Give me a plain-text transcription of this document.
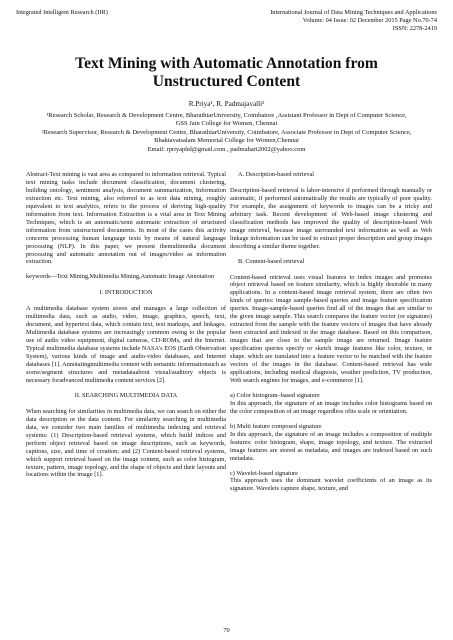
Integrated Intelligent Research (IIR)	International Journal of Data Mining Techniques and Applications
Volume: 04 Issue: 02 December 2015 Page No.70-74
ISSN: 2278-2419
Text Mining with Automatic Annotation from
Unstructured Content
R.Priya¹, R. Padmajavalli²
¹Research Scholar, Research & Development Centre, BharathiarUniversity, Coimbatore ,Assistant Professor in Dept of Computer Science, GSS Jain College for Women, Chennai
²Research Supervisor, Research & Development Centre, BharathiarUniversity, Coimbatore, Associate Professor in Dept of Computer Science, Bhaktavatsalam Memorial College for Women,Chennai
Email: rpriyaphd@gmail.com , padmahari2002@yahoo.com

Abstract-Text mining is vast area as compared to information retrieval. Typical text mining tasks include document classification, document clustering, building ontology, sentiment analysis, document summarization, Information extraction etc. Text mining, also referred to as text data mining, roughly equivalent to text analytics, refers to the process of deriving high-quality information from text. Information Extraction is a vital area in Text Mining Techniques, which is an automatic/semi automatic extraction of structured information from unstructured documents. In most of the cases this activity concerns processing human language texts by means of natural language processing (NLP). In this paper, we present themultimedia document processing and automatic annotation out of images/video as information extraction.

keywords—Text Mining,Multimedia Mining,Automatic Image Annotation

I. INTRODUCTION

A multimedia database system stores and manages a large collection of multimedia data, such as audio, video, image, graphics, speech, text, document, and hypertext data, which contain text, text markups, and linkages. Multimedia database systems are increasingly common owing to the popular use of audio video equipment, digital cameras, CD-ROMs, and the Internet. Typical multimedia database systems include NASA's EOS (Earth Observation System), various kinds of image and audio-video databases, and Internet databases [1]. Annotatingmultimedia content with semantic informationsuch as scene/segment structures and metadataabout visual/auditory objects is necessary foradvanced multimedia content services [2].

II. SEARCHING MULTIMEDIA DATA

When searching for similarities in multimedia data, we can search on either the data description or the data content. For similarity searching in multimedia data, we consider two main families of multimedia indexing and retrieval systems: (1) Description-based retrieval systems, which build indices and perform object retrieval based on image descriptions, such as keywords, captions, size, and time of creation; and (2) Content-based retrieval systems, which support retrieval based on the image content, such as color histogram, texture, pattern, image topology, and the shape of objects and their layouts and locations within the image [1].

A. Description-based retrieval

Description-based retrieval is labor-intensive if performed through manually or automatic, if performed automatically the results are typically of poor quality. For example, the assignment of keywords to images can be a tricky and arbitrary task. Recent development of Web-based image clustering and classification methods has improved the quality of description-based Web image retrieval, because image surrounded text information as well as Web linkage information can be used to extract proper description and group images describing a similar theme together.

B. Content-based retrieval

Content-based retrieval uses visual features to index images and promotes object retrieval based on feature similarity, which is highly desirable in many applications. In a content-based image retrieval system, there are often two kinds of queries: image sample-based queries and image feature specification queries. Image-sample-based queries find all of the images that are similar to the given image sample. This search compares the feature vector (or signature) extracted from the sample with the feature vectors of images that have already been extracted and indexed in the image database. Based on this comparison, images that are close to the sample image are returned. Image feature specification queries specify or sketch image features like color, texture, or shape. which are translated into a feature vector to be matched with the feature vectors of the images in the database. Content-based retrieval has wide applications, including medical diagnosis, weather prediction, TV production, Web search engines for images, and e-commerce [1].

a) Color histogram–based signature

In this approach, the signature of an image includes color histograms based on the color composition of an image regardless ofits scale or orientation.

b) Multi feature composed signature

In this approach, the signature of an image includes a composition of multiple features: color histogram, shape, image topology, and texture. The extracted image features are stored as metadata, and images are indexed based on such metadata.

c) Wavelet-based signature

This approach uses the dominant wavelet coefficients of an image as its signature. Wavelets capture shape, texture, and

70
